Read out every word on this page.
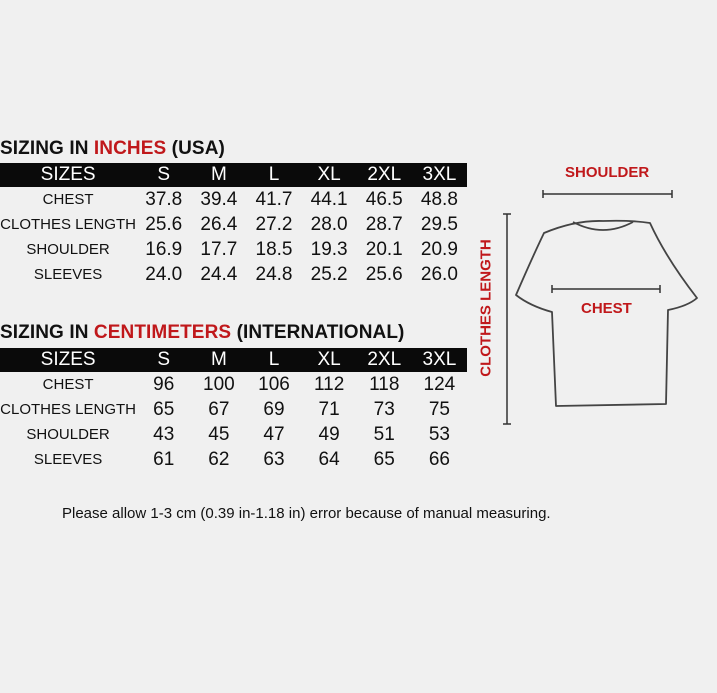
SIZING IN INCHES (USA)
SIZES	S	M	L	XL	2XL	3XL
CHEST	37.8	39.4	41.7	44.1	46.5	48.8
CLOTHES LENGTH	25.6	26.4	27.2	28.0	28.7	29.5
SHOULDER	16.9	17.7	18.5	19.3	20.1	20.9
SLEEVES	24.0	24.4	24.8	25.2	25.6	26.0
SIZING IN CENTIMETERS (INTERNATIONAL)
SIZES	S	M	L	XL	2XL	3XL
CHEST	96	100	106	112	118	124
CLOTHES LENGTH	65	67	69	71	73	75
SHOULDER	43	45	47	49	51	53
SLEEVES	61	62	63	64	65	66
Please allow 1-3 cm (0.39 in-1.18 in) error because of manual measuring.
SHOULDER
CHEST
CLOTHES LENGTH
